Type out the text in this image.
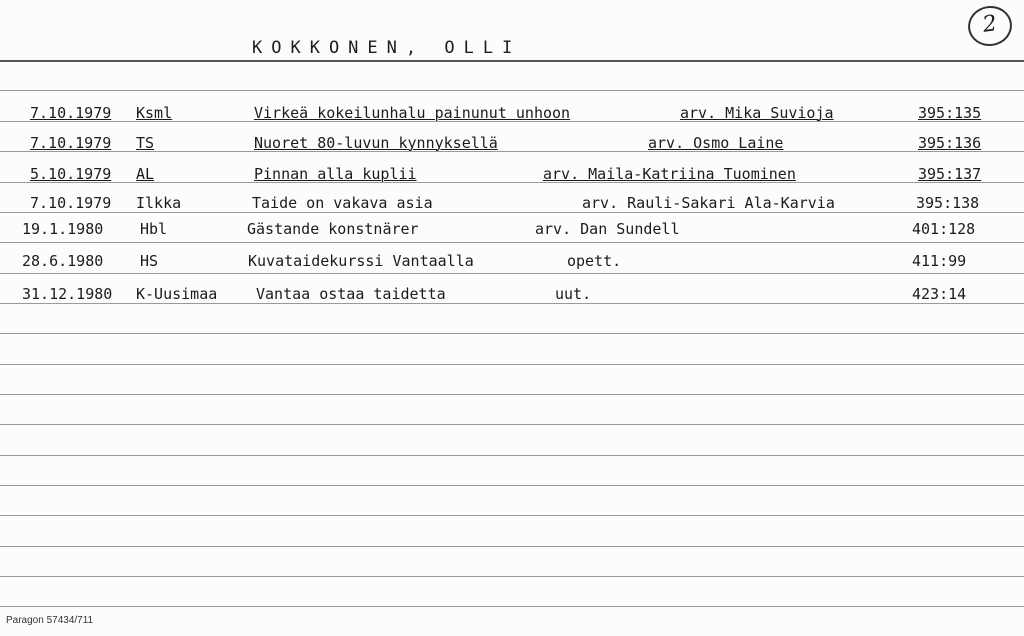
KOKKONEN, OLLI
2
7.10.1979 Ksml	Virkeä kokeilunhalu painunut unhoon	arv. Mika Suvioja	395:135
7.10.1979 TS	Nuoret 80-luvun kynnyksellä	arv. Osmo Laine	395:136
5.10.1979 AL	Pinnan alla kuplii	arv. Maila-Katriina Tuominen	395:137
7.10.1979 Ilkka	Taide on vakava asia	arv. Rauli-Sakari Ala-Karvia	395:138
19.1.1980 Hbl	Gästande konstnärer	arv. Dan Sundell	401:128
28.6.1980 HS	Kuvataidekurssi Vantaalla	opett.	411:99
31.12.1980 K-Uusimaa	Vantaa ostaa taidetta	uut.	423:14
Paragon 57434/711
